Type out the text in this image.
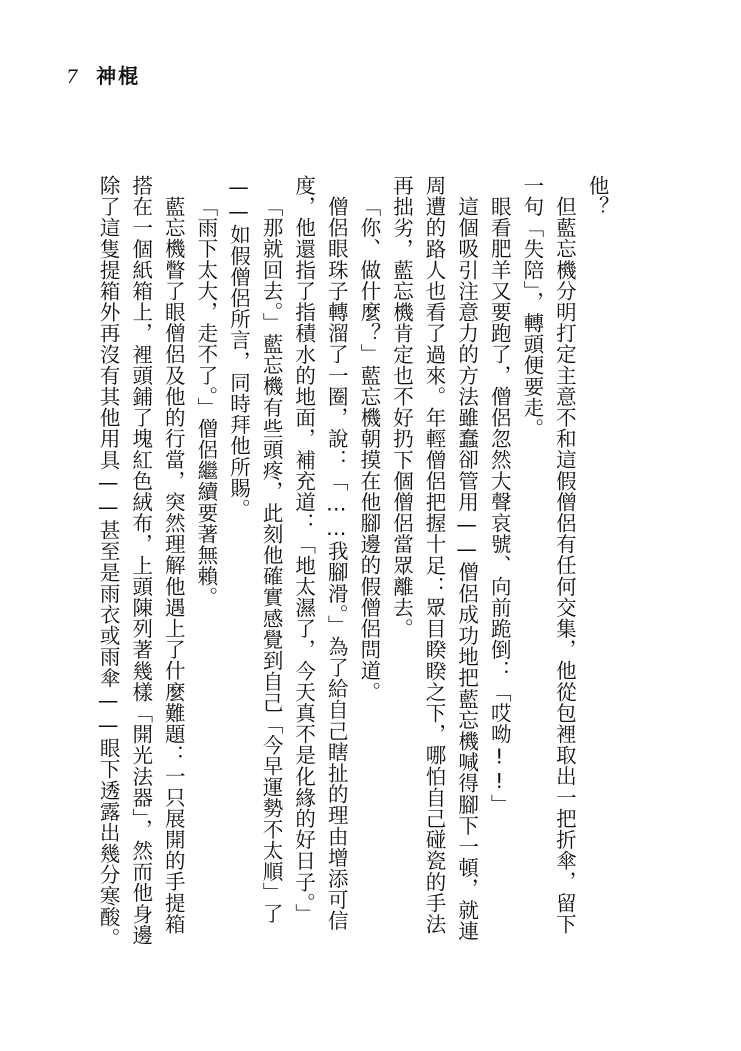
7 神棍

他？

但藍忘機分明打定主意不和這假僧侶有任何交集，他從包裡取出一把折傘，留下一句「失陪」，轉頭便要走。

眼看肥羊又要跑了，僧侶忽然大聲哀號、向前跪倒：「哎呦!!」

這個吸引注意力的方法雖蠢卻管用——僧侶成功地把藍忘機喊得腳下一頓，就連周遭的路人也看了過來。年輕僧侶把握十足：眾目睽睽之下，哪怕自己碰瓷的手法再拙劣，藍忘機肯定也不好扔下個僧侶當眾離去。

「你、做什麼？」藍忘機朝摸在他腳邊的假僧侶問道。

僧侶眼珠子轉溜了一圈，說：「……我腳滑。」為了給自己瞎扯的理由增添可信度，他還指了指積水的地面，補充道：「地太濕了，今天真不是化緣的好日子。」

「那就回去。」藍忘機有些頭疼，此刻他確實感覺到自己「今早運勢不太順」了——如假僧侶所言，同時拜他所賜。

「雨下太大，走不了。」僧侶繼續要著無賴。

藍忘機瞥了眼僧侶及他的行當，突然理解他遇上了什麼難題：一只展開的手提箱搭在一個紙箱上，裡頭鋪了塊紅色絨布，上頭陳列著幾樣「開光法器」，然而他身邊除了這隻提箱外再沒有其他用具——甚至是雨衣或雨傘——眼下透露出幾分寒酸。
